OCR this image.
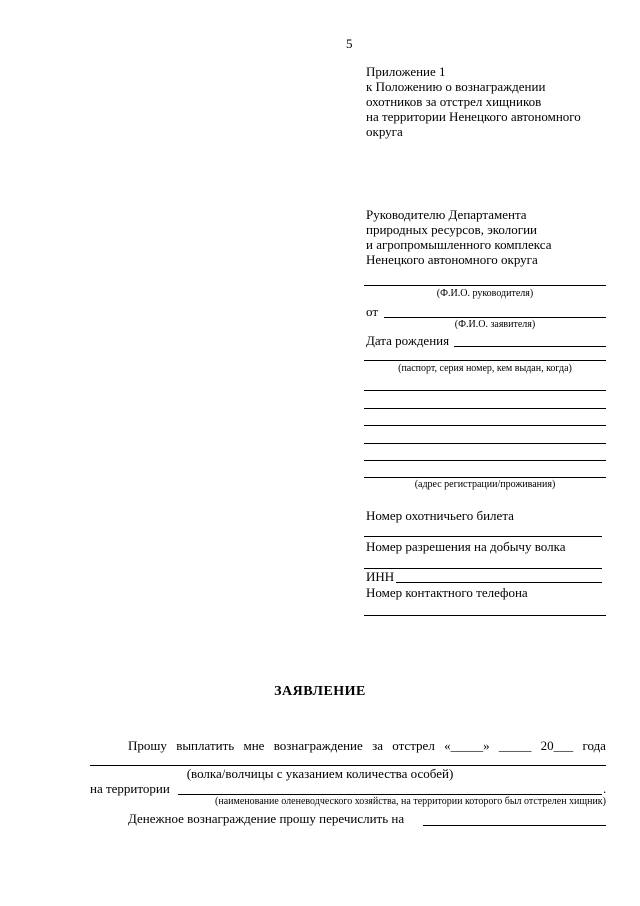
5
Приложение 1
к Положению о вознаграждении
охотников за отстрел хищников
на территории Ненецкого автономного
округа
Руководителю Департамента
природных ресурсов, экологии
и агропромышленного комплекса
Ненецкого автономного округа
(Ф.И.О. руководителя)
от
(Ф.И.О. заявителя)
Дата рождения
(паспорт, серия номер, кем выдан, когда)
(адрес регистрации/проживания)
Номер охотничьего билета
Номер разрешения на добычу волка
ИНН
Номер контактного телефона
ЗАЯВЛЕНИЕ
Прошу выплатить мне вознаграждение за отстрел «_____» _____ 20___ года
(волка/волчицы с указанием количества особей)
на территории	.
(наименование оленеводческого хозяйства, на территории которого был отстрелен хищник)
Денежное вознаграждение прошу перечислить на
